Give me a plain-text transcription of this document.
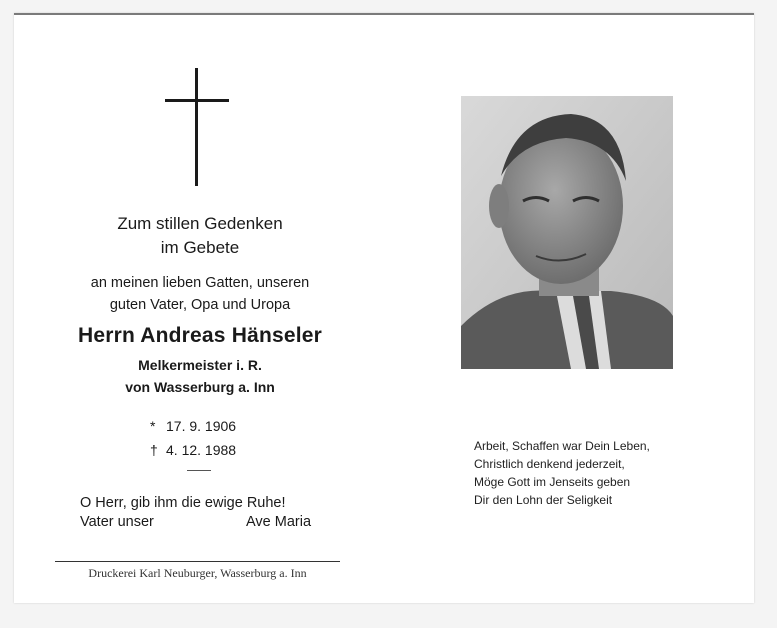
Zum stillen Gedenken
im Gebete
an meinen lieben Gatten, unseren
guten Vater, Opa und Uropa
Herrn Andreas Hänseler
Melkermeister i. R.
von Wasserburg a. Inn
* 17. 9. 1906
† 4. 12. 1988
O Herr, gib ihm die ewige Ruhe!
Vater unser	Ave Maria
Druckerei Karl Neuburger, Wasserburg a. Inn
Arbeit, Schaffen war Dein Leben,
Christlich denkend jederzeit,
Möge Gott im Jenseits geben
Dir den Lohn der Seligkeit
